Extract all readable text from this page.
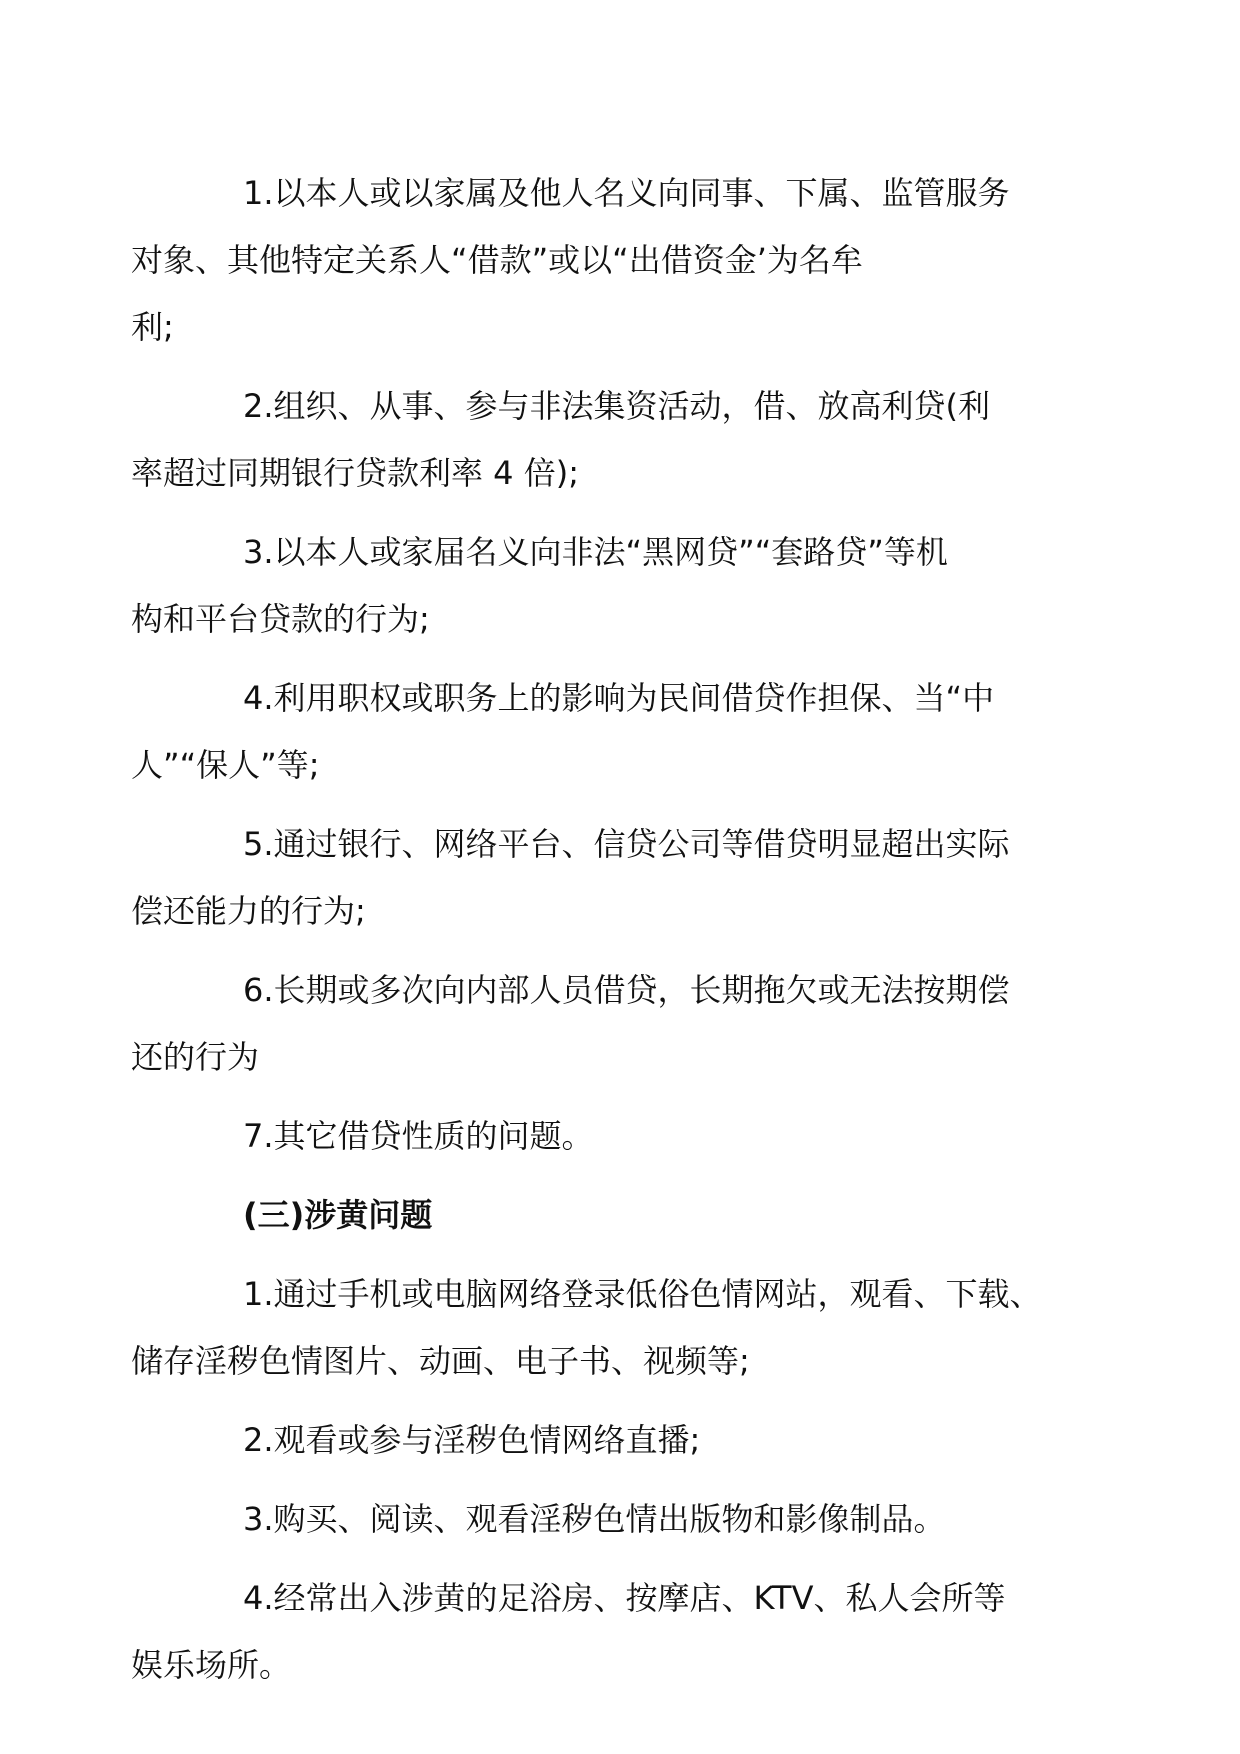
1.以本人或以家属及他人名义向同事、下属、监管服务
对象、其他特定关系人“借款”或以“出借资金’为名牟
利;

2.组织、从事、参与非法集资活动，借、放高利贷(利
率超过同期银行贷款利率 4 倍);

3.以本人或家届名义向非法“黑网贷”“套路贷”等机
构和平台贷款的行为;

4.利用职权或职务上的影响为民间借贷作担保、当“中
人”“保人”等;

5.通过银行、网络平台、信贷公司等借贷明显超出实际
偿还能力的行为;

6.长期或多次向内部人员借贷，长期拖欠或无法按期偿
还的行为

7.其它借贷性质的问题。

(三)涉黄问题

1.通过手机或电脑网络登录低俗色情网站，观看、下载、
储存淫秽色情图片、动画、电子书、视频等;

2.观看或参与淫秽色情网络直播;

3.购买、阅读、观看淫秽色情出版物和影像制品。

4.经常出入涉黄的足浴房、按摩店、KTV、私人会所等
娱乐场所。
